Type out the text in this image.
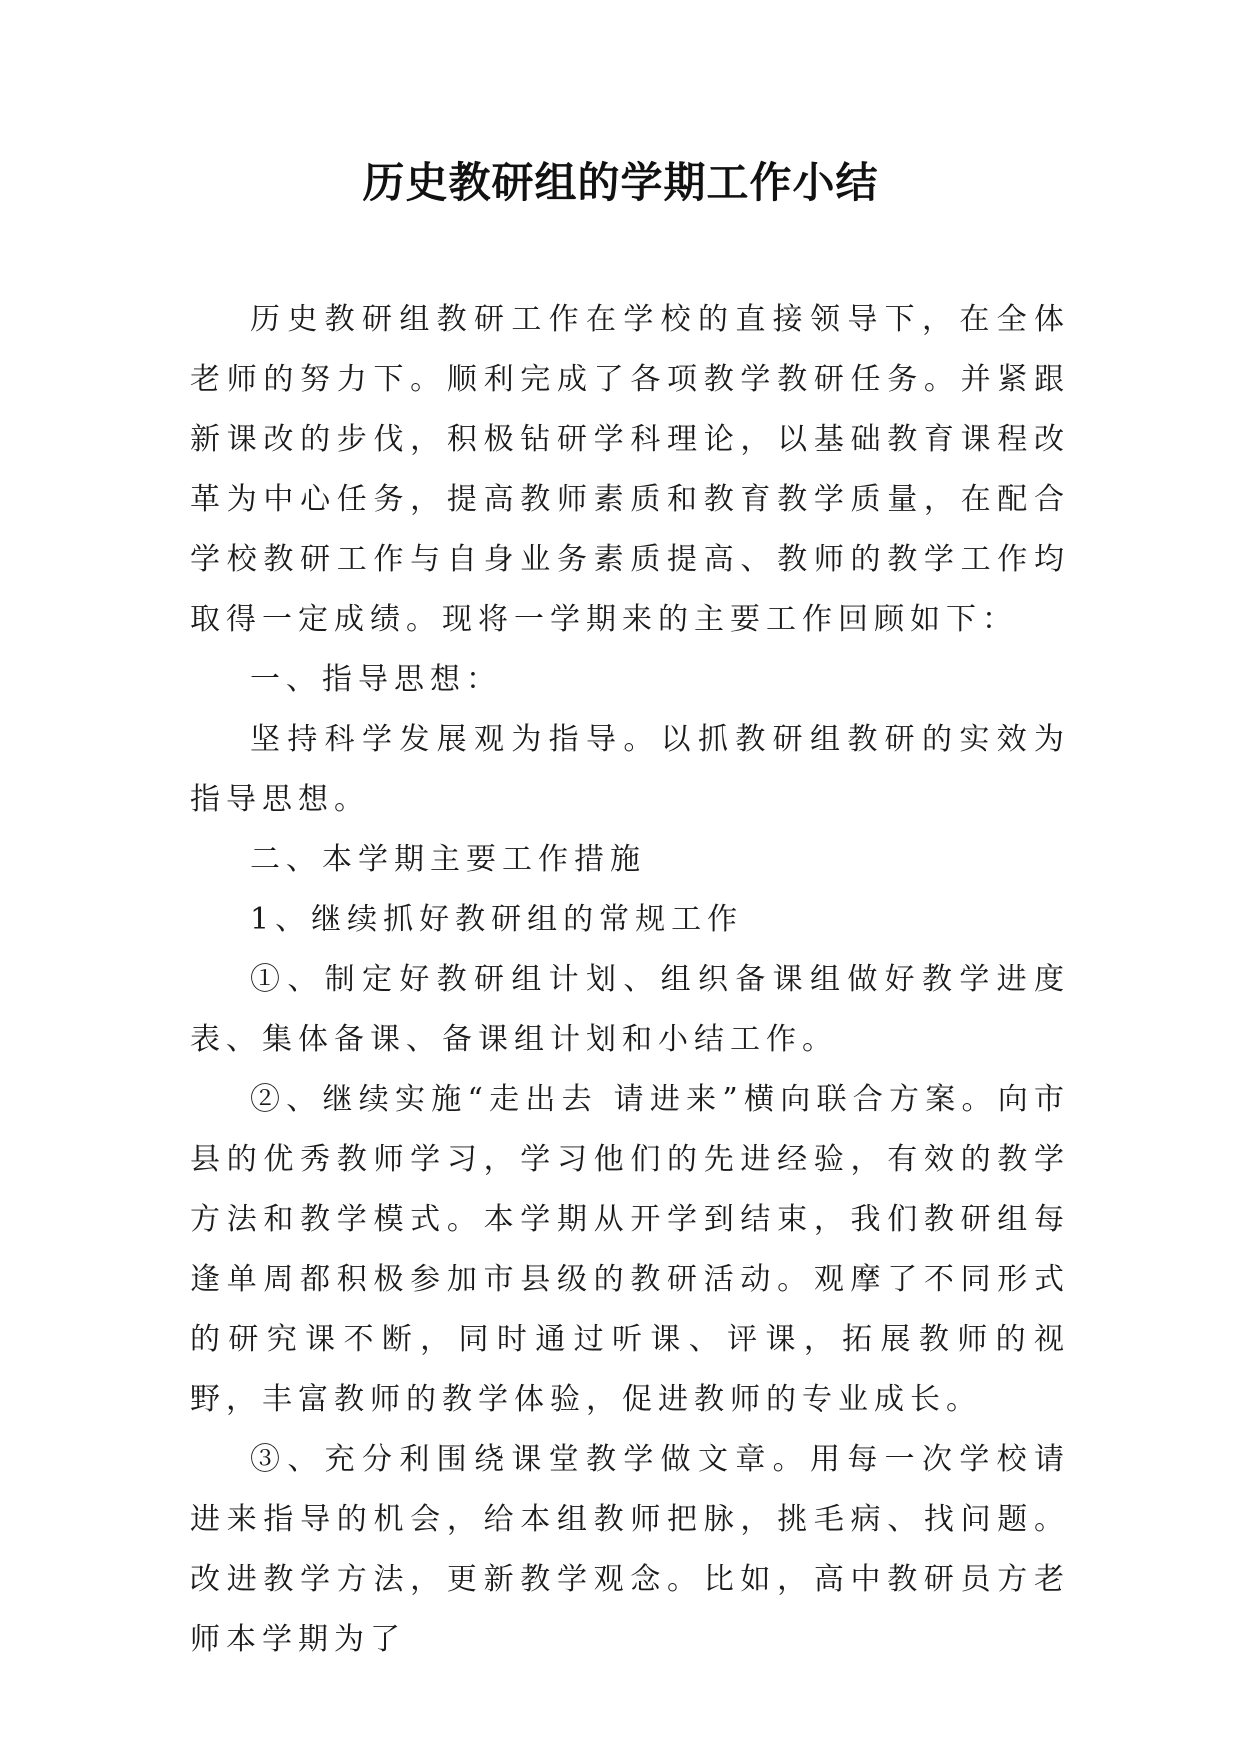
历史教研组的学期工作小结

历史教研组教研工作在学校的直接领导下，在全体老师的努力下。顺利完成了各项教学教研任务。并紧跟新课改的步伐，积极钻研学科理论，以基础教育课程改革为中心任务，提高教师素质和教育教学质量，在配合学校教研工作与自身业务素质提高、教师的教学工作均取得一定成绩。现将一学期来的主要工作回顾如下：

一、指导思想：

坚持科学发展观为指导。以抓教研组教研的实效为指导思想。

二、本学期主要工作措施

1、继续抓好教研组的常规工作

①、制定好教研组计划、组织备课组做好教学进度表、集体备课、备课组计划和小结工作。

②、继续实施“走出去 请进来”横向联合方案。向市县的优秀教师学习，学习他们的先进经验，有效的教学方法和教学模式。本学期从开学到结束，我们教研组每逢单周都积极参加市县级的教研活动。观摩了不同形式的研究课不断，同时通过听课、评课，拓展教师的视野，丰富教师的教学体验，促进教师的专业成长。

③、充分利围绕课堂教学做文章。用每一次学校请进来指导的机会，给本组教师把脉，挑毛病、找问题。改进教学方法，更新教学观念。比如，高中教研员方老师本学期为了
